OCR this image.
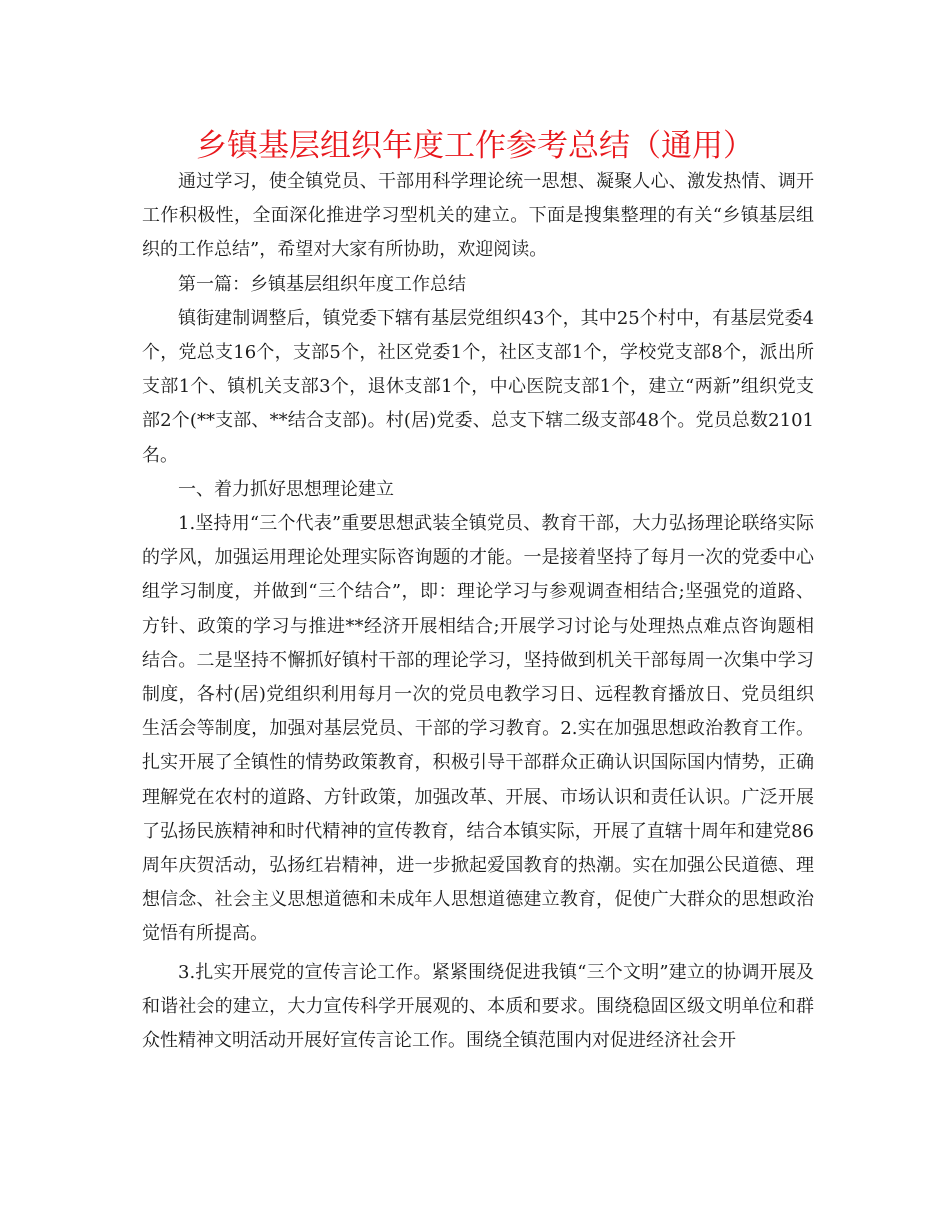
乡镇基层组织年度工作参考总结（通用）

通过学习，使全镇党员、干部用科学理论统一思想、凝聚人心、激发热情、调开工作积极性，全面深化推进学习型机关的建立。下面是搜集整理的有关“乡镇基层组织的工作总结”，希望对大家有所协助，欢迎阅读。

第一篇：乡镇基层组织年度工作总结

镇街建制调整后，镇党委下辖有基层党组织43个，其中25个村中，有基层党委4个，党总支16个，支部5个，社区党委1个，社区支部1个，学校党支部8个，派出所支部1个、镇机关支部3个，退休支部1个，中心医院支部1个，建立“两新”组织党支部2个(**支部、**结合支部)。村(居)党委、总支下辖二级支部48个。党员总数2101名。

一、着力抓好思想理论建立

1.坚持用“三个代表”重要思想武装全镇党员、教育干部，大力弘扬理论联络实际的学风，加强运用理论处理实际咨询题的才能。一是接着坚持了每月一次的党委中心组学习制度，并做到“三个结合”，即：理论学习与参观调查相结合;坚强党的道路、方针、政策的学习与推进**经济开展相结合;开展学习讨论与处理热点难点咨询题相结合。二是坚持不懈抓好镇村干部的理论学习，坚持做到机关干部每周一次集中学习制度，各村(居)党组织利用每月一次的党员电教学习日、远程教育播放日、党员组织生活会等制度，加强对基层党员、干部的学习教育。2.实在加强思想政治教育工作。扎实开展了全镇性的情势政策教育，积极引导干部群众正确认识国际国内情势，正确理解党在农村的道路、方针政策，加强改革、开展、市场认识和责任认识。广泛开展了弘扬民族精神和时代精神的宣传教育，结合本镇实际，开展了直辖十周年和建党86周年庆贺活动，弘扬红岩精神，进一步掀起爱国教育的热潮。实在加强公民道德、理想信念、社会主义思想道德和未成年人思想道德建立教育，促使广大群众的思想政治觉悟有所提高。

3.扎实开展党的宣传言论工作。紧紧围绕促进我镇“三个文明”建立的协调开展及和谐社会的建立，大力宣传科学开展观的、本质和要求。围绕稳固区级文明单位和群众性精神文明活动开展好宣传言论工作。围绕全镇范围内对促进经济社会开
